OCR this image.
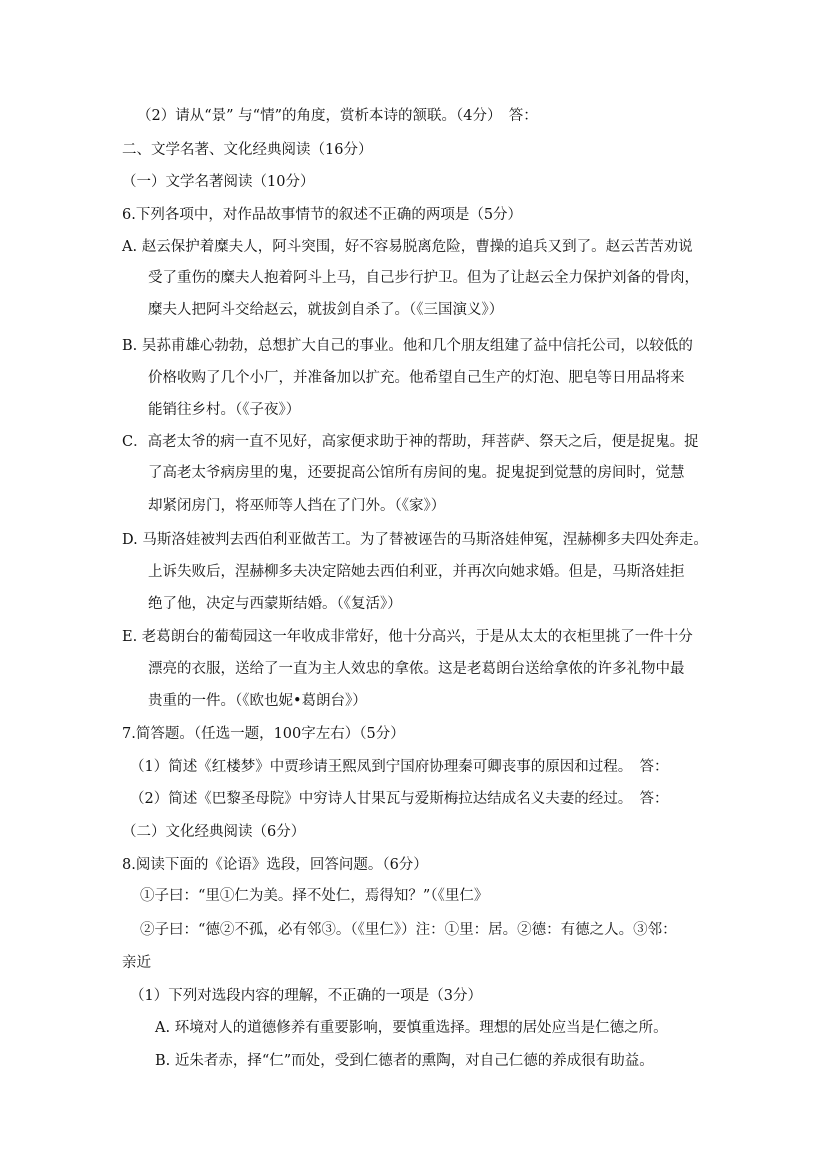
（2）请从“景” 与“情”的角度，赏析本诗的颔联。（4分）　答：
二、文学名著、文化经典阅读（16分）
（一）文学名著阅读（10分）
6.下列各项中，对作品故事情节的叙述不正确的两项是（5分）
A. 赵云保护着糜夫人，阿斗突围，好不容易脱离危险，曹操的追兵又到了。赵云苦苦劝说
受了重伤的糜夫人抱着阿斗上马，自己步行护卫。但为了让赵云全力保护刘备的骨肉，
糜夫人把阿斗交给赵云，就拔剑自杀了。（《三国演义》）
B. 吴荪甫雄心勃勃，总想扩大自己的事业。他和几个朋友组建了益中信托公司，以较低的
价格收购了几个小厂，并准备加以扩充。他希望自己生产的灯泡、肥皂等日用品将来
能销往乡村。（《子夜》）
C．高老太爷的病一直不见好，高家便求助于神的帮助，拜菩萨、祭天之后，便是捉鬼。捉
了高老太爷病房里的鬼，还要捉高公馆所有房间的鬼。捉鬼捉到觉慧的房间时，觉慧
却紧闭房门，将巫师等人挡在了门外。（《家》）
D. 马斯洛娃被判去西伯利亚做苦工。为了替被诬告的马斯洛娃伸冤，涅赫柳多夫四处奔走。
上诉失败后，涅赫柳多夫决定陪她去西伯利亚，并再次向她求婚。但是，马斯洛娃拒
绝了他，决定与西蒙斯结婚。（《复活》）
E. 老葛朗台的葡萄园这一年收成非常好，他十分高兴，于是从太太的衣柜里挑了一件十分
漂亮的衣服，送给了一直为主人效忠的拿侬。这是老葛朗台送给拿侬的许多礼物中最
贵重的一件。（《欧也妮•葛朗台》）
7.简答题。（任选一题，100字左右）（5分）
（1）简述《红楼梦》中贾珍请王熙凤到宁国府协理秦可卿丧事的原因和过程。　答：
（2）简述《巴黎圣母院》中穷诗人甘果瓦与爱斯梅拉达结成名义夫妻的经过。　答：
（二）文化经典阅读（6分）
8.阅读下面的《论语》选段，回答问题。（6分）
①子曰：“里①仁为美。择不处仁，焉得知？”（《里仁》
②子曰：“德②不孤，必有邻③。（《里仁》）注：①里：居。②德：有德之人。③邻：
亲近
（1）下列对选段内容的理解，不正确的一项是（3分）
A. 环境对人的道德修养有重要影响，要慎重选择。理想的居处应当是仁德之所。
B. 近朱者赤，择“仁”而处，受到仁德者的熏陶，对自己仁德的养成很有助益。
